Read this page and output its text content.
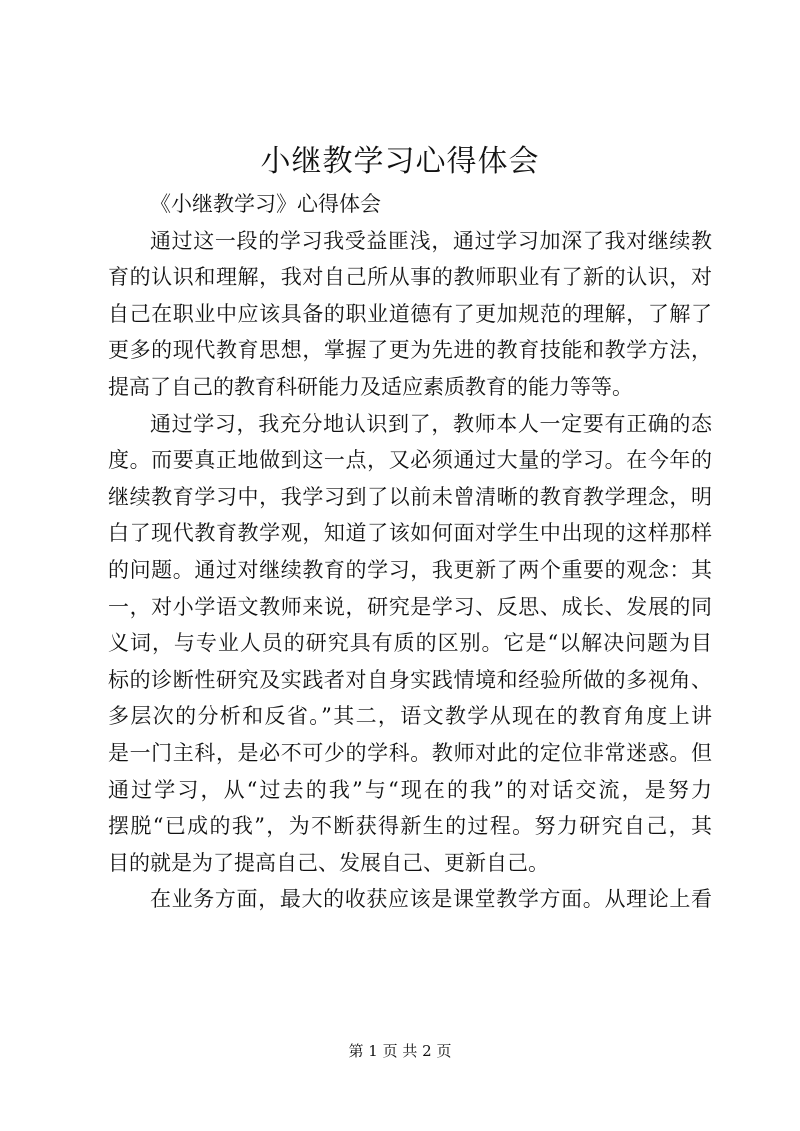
小继教学习心得体会
《小继教学习》心得体会
通过这一段的学习我受益匪浅，通过学习加深了我对继续教
育的认识和理解，我对自己所从事的教师职业有了新的认识，对
自己在职业中应该具备的职业道德有了更加规范的理解，了解了
更多的现代教育思想，掌握了更为先进的教育技能和教学方法，
提高了自己的教育科研能力及适应素质教育的能力等等。
通过学习，我充分地认识到了，教师本人一定要有正确的态
度。而要真正地做到这一点，又必须通过大量的学习。在今年的
继续教育学习中，我学习到了以前未曾清晰的教育教学理念，明
白了现代教育教学观，知道了该如何面对学生中出现的这样那样
的问题。通过对继续教育的学习，我更新了两个重要的观念：其
一，对小学语文教师来说，研究是学习、反思、成长、发展的同
义词，与专业人员的研究具有质的区别。它是“以解决问题为目
标的诊断性研究及实践者对自身实践情境和经验所做的多视角、
多层次的分析和反省。”其二，语文教学从现在的教育角度上讲
是一门主科，是必不可少的学科。教师对此的定位非常迷惑。但
通过学习，从“过去的我”与“现在的我”的对话交流，是努力
摆脱“已成的我”，为不断获得新生的过程。努力研究自己，其
目的就是为了提高自己、发展自己、更新自己。
在业务方面，最大的收获应该是课堂教学方面。从理论上看
第 1 页 共 2 页
